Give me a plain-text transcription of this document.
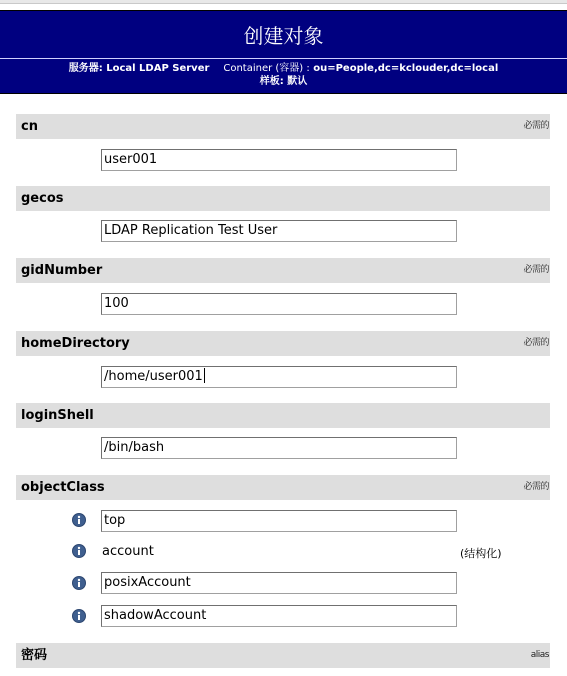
创建对象
服务器: Local LDAP Server Container (容器) : ou=People,dc=kclouder,dc=local
样板: 默认
cn	必需的
user001
gecos
LDAP Replication Test User
gidNumber	必需的
100
homeDirectory	必需的
/home/user001
loginShell
/bin/bash
objectClass	必需的
top
account	(结构化)
posixAccount
shadowAccount
密码	alias
